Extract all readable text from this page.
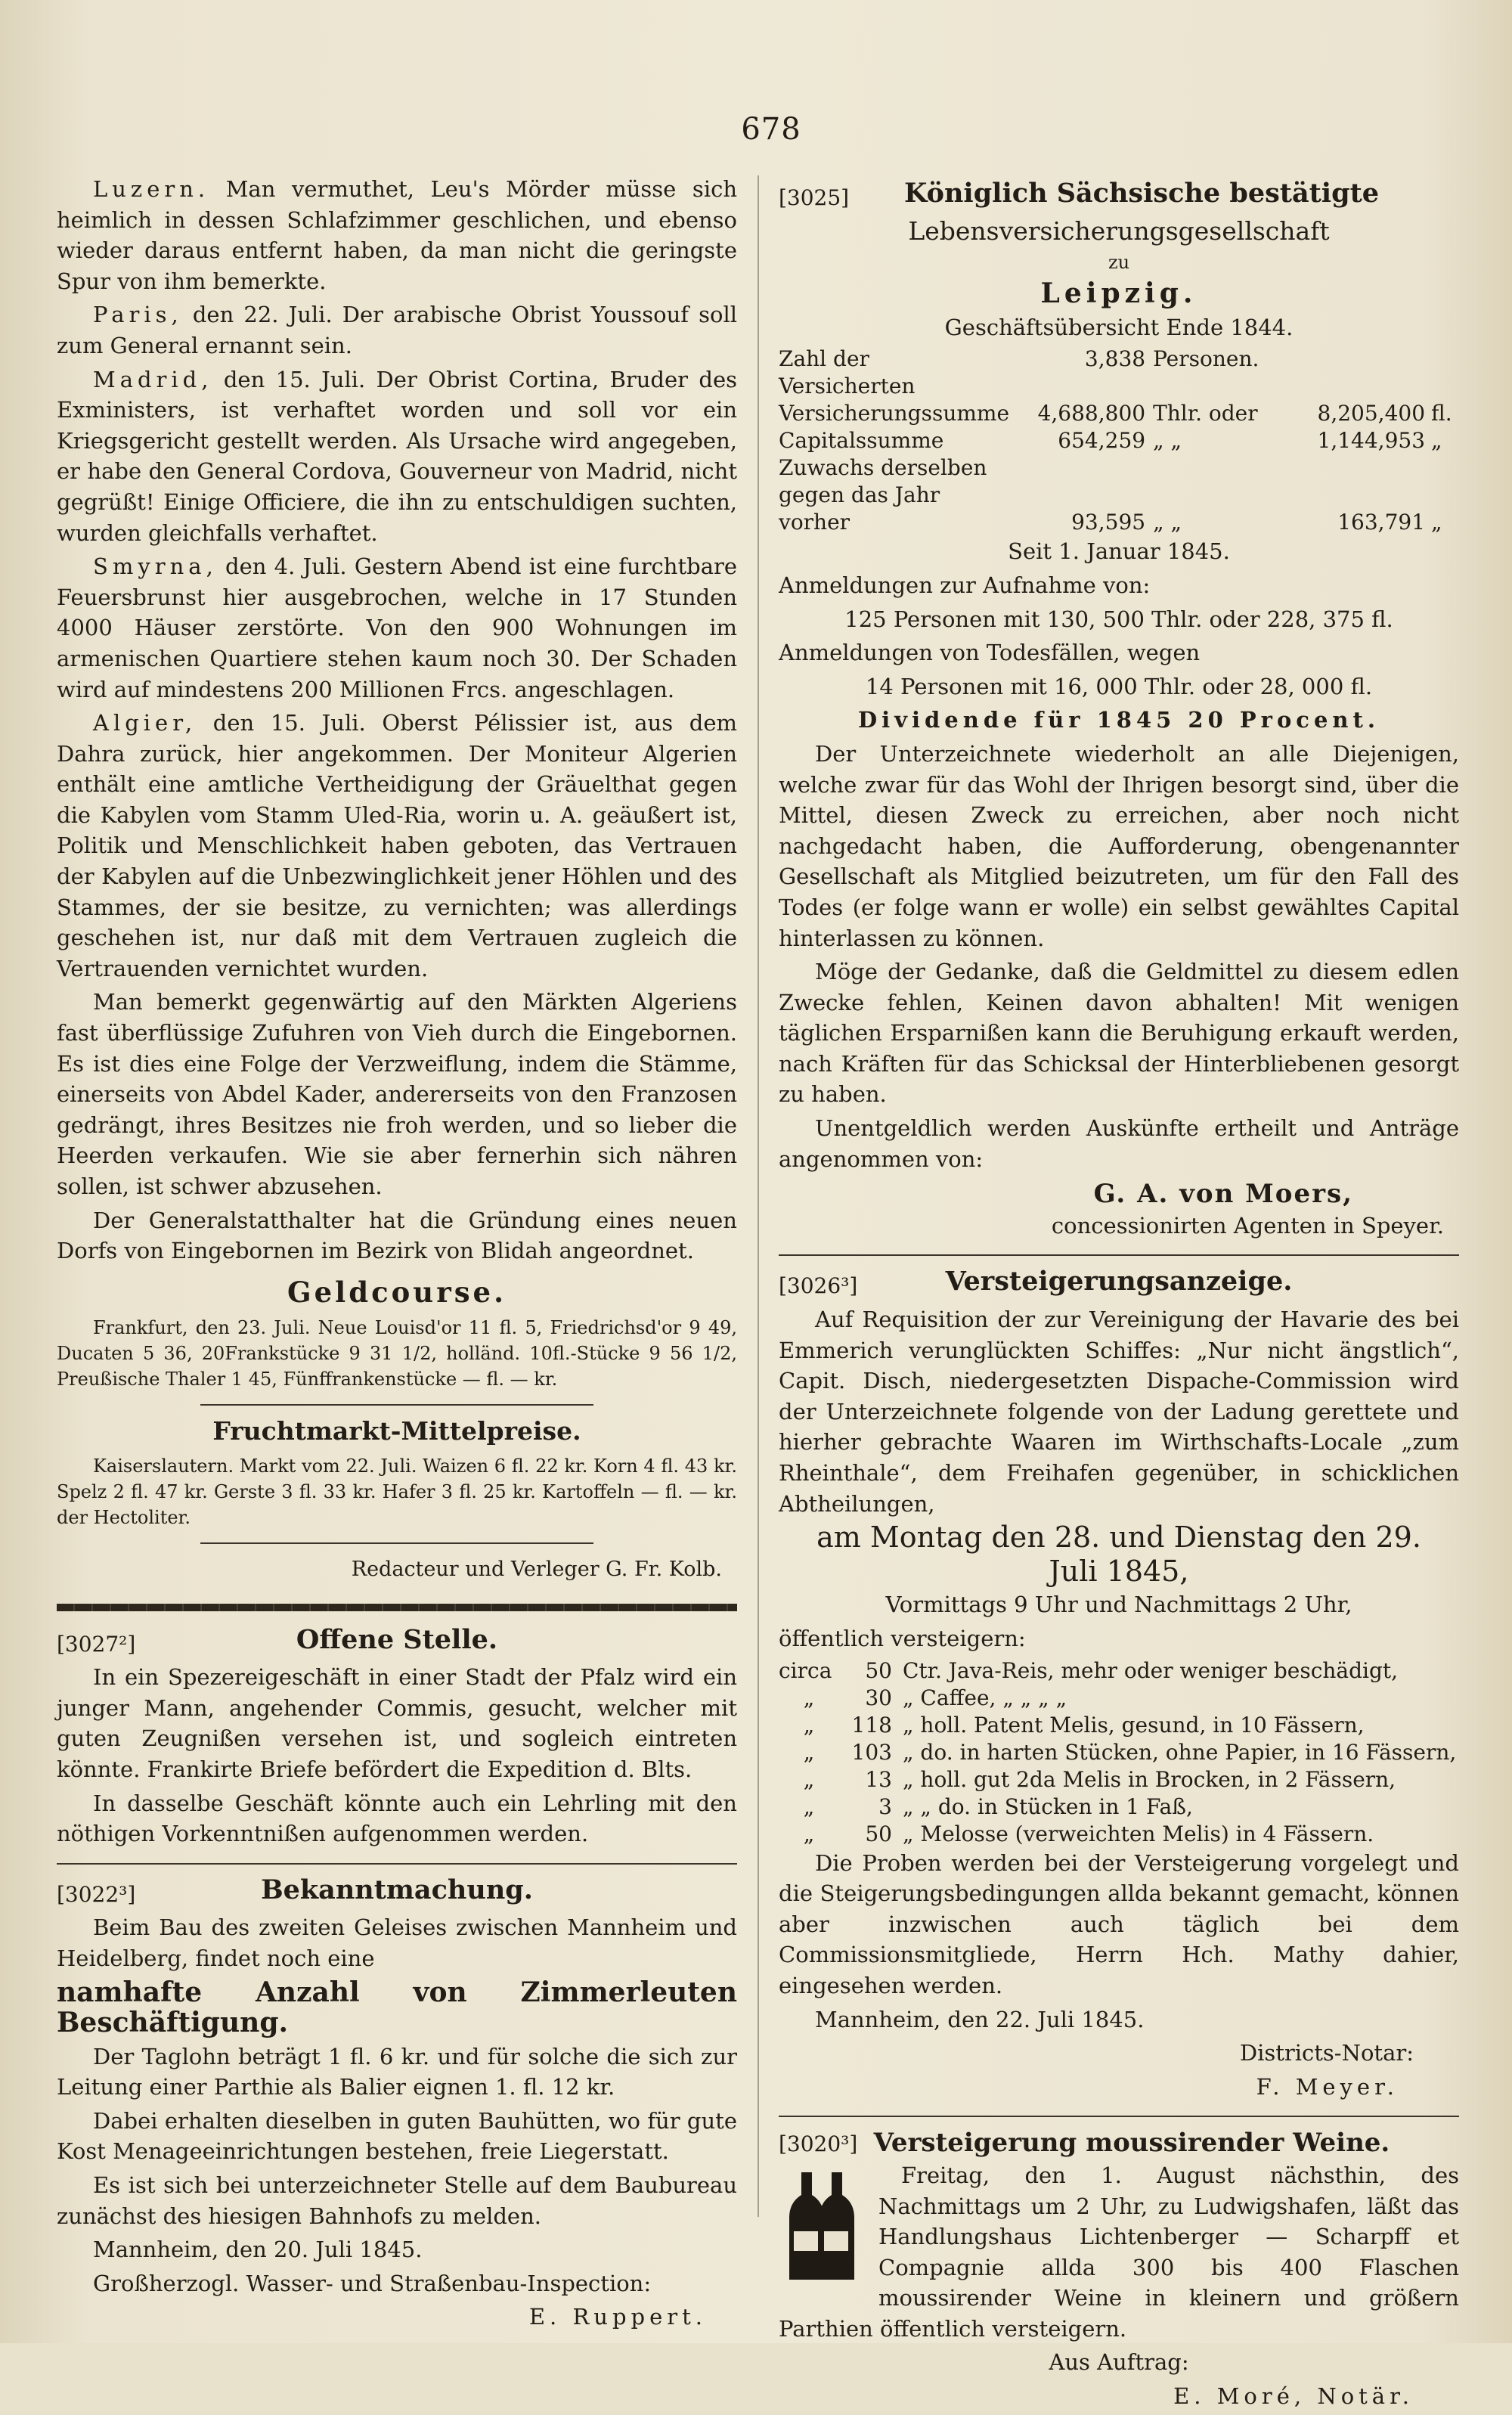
678

Luzern. Man vermuthet, Leu's Mörder müsse sich heimlich in dessen Schlafzimmer geschlichen, und ebenso wieder daraus entfernt haben, da man nicht die geringste Spur von ihm bemerkte.

Paris, den 22. Juli. Der arabische Obrist Youssouf soll zum General ernannt sein.

Madrid, den 15. Juli. Der Obrist Cortina, Bruder des Exministers, ist verhaftet worden und soll vor ein Kriegsgericht gestellt werden. Als Ursache wird angegeben, er habe den General Cordova, Gouverneur von Madrid, nicht gegrüßt! Einige Officiere, die ihn zu entschuldigen suchten, wurden gleichfalls verhaftet.

Smyrna, den 4. Juli. Gestern Abend ist eine furchtbare Feuersbrunst hier ausgebrochen, welche in 17 Stunden 4000 Häuser zerstörte. Von den 900 Wohnungen im armenischen Quartiere stehen kaum noch 30. Der Schaden wird auf mindestens 200 Millionen Frcs. angeschlagen.

Algier, den 15. Juli. Oberst Pélissier ist, aus dem Dahra zurück, hier angekommen. Der Moniteur Algerien enthält eine amtliche Vertheidigung der Gräuelthat gegen die Kabylen vom Stamm Uled-Ria, worin u. A. geäußert ist, Politik und Menschlichkeit haben geboten, das Vertrauen der Kabylen auf die Unbezwinglichkeit jener Höhlen und des Stammes, der sie besitze, zu vernichten; was allerdings geschehen ist, nur daß mit dem Vertrauen zugleich die Vertrauenden vernichtet wurden.

Man bemerkt gegenwärtig auf den Märkten Algeriens fast überflüssige Zufuhren von Vieh durch die Eingebornen. Es ist dies eine Folge der Verzweiflung, indem die Stämme, einerseits von Abdel Kader, andererseits von den Franzosen gedrängt, ihres Besitzes nie froh werden, und so lieber die Heerden verkaufen. Wie sie aber fernerhin sich nähren sollen, ist schwer abzusehen.

Der Generalstatthalter hat die Gründung eines neuen Dorfs von Eingebornen im Bezirk von Blidah angeordnet.

Geldcourse.

Frankfurt, den 23. Juli. Neue Louisd'or 11 fl. 5, Friedrichsd'or 9 49, Ducaten 5 36, 20Frankstücke 9 31 1/2, holländ. 10fl.-Stücke 9 56 1/2, Preußische Thaler 1 45, Fünffrankenstücke — fl. — kr.

Fruchtmarkt-Mittelpreise.

Kaiserslautern. Markt vom 22. Juli. Waizen 6 fl. 22 kr. Korn 4 fl. 43 kr. Spelz 2 fl. 47 kr. Gerste 3 fl. 33 kr. Hafer 3 fl. 25 kr. Kartoffeln — fl. — kr. der Hectoliter.

Redacteur und Verleger G. Fr. Kolb.
[3027²]	Offene Stelle.

In ein Spezereigeschäft in einer Stadt der Pfalz wird ein junger Mann, angehender Commis, gesucht, welcher mit guten Zeugnißen versehen ist, und sogleich eintreten könnte. Frankirte Briefe befördert die Expedition d. Blts.

In dasselbe Geschäft könnte auch ein Lehrling mit den nöthigen Vorkenntnißen aufgenommen werden.

[3022³]	Bekanntmachung.

Beim Bau des zweiten Geleises zwischen Mannheim und Heidelberg, findet noch eine

namhafte Anzahl von Zimmerleuten Beschäftigung.

Der Taglohn beträgt 1 fl. 6 kr. und für solche die sich zur Leitung einer Parthie als Balier eignen 1. fl. 12 kr.

Dabei erhalten dieselben in guten Bauhütten, wo für gute Kost Menageeinrichtungen bestehen, freie Liegerstatt.

Es ist sich bei unterzeichneter Stelle auf dem Baubureau zunächst des hiesigen Bahnhofs zu melden.

Mannheim, den 20. Juli 1845.

Großherzogl. Wasser- und Straßenbau-Inspection:

E. Ruppert.

[3025] Königlich Sächsische bestätigte

Lebensversicherungsgesellschaft

zu

Leipzig.

Geschäftsübersicht Ende 1844.

Zahl der Versicherten	3,838	Personen.		
Versicherungssumme	4,688,800	Thlr. oder	8,205,400	fl.
Capitalssumme	654,259	„ „	1,144,953	„
Zuwachs derselben gegen das Jahr vorher	93,595	„ „	163,791	„

Seit 1. Januar 1845.

Anmeldungen zur Aufnahme von:

125 Personen mit 130, 500 Thlr. oder 228, 375 fl.

Anmeldungen von Todesfällen, wegen

14 Personen mit 16, 000 Thlr. oder 28, 000 fl.

Dividende für 1845 20 Procent.

Der Unterzeichnete wiederholt an alle Diejenigen, welche zwar für das Wohl der Ihrigen besorgt sind, über die Mittel, diesen Zweck zu erreichen, aber noch nicht nachgedacht haben, die Aufforderung, obengenannter Gesellschaft als Mitglied beizutreten, um für den Fall des Todes (er folge wann er wolle) ein selbst gewähltes Capital hinterlassen zu können.

Möge der Gedanke, daß die Geldmittel zu diesem edlen Zwecke fehlen, Keinen davon abhalten! Mit wenigen täglichen Ersparnißen kann die Beruhigung erkauft werden, nach Kräften für das Schicksal der Hinterbliebenen gesorgt zu haben.

Unentgeldlich werden Auskünfte ertheilt und Anträge angenommen von:

G. A. von Moers,

concessionirten Agenten in Speyer.

[3026³]	Versteigerungsanzeige.

Auf Requisition der zur Vereinigung der Havarie des bei Emmerich verunglückten Schiffes: „Nur nicht ängstlich“, Capit. Disch, niedergesetzten Dispache-Commission wird der Unterzeichnete folgende von der Ladung gerettete und hierher gebrachte Waaren im Wirthschafts-Locale „zum Rheinthale“, dem Freihafen gegenüber, in schicklichen Abtheilungen,

am Montag den 28. und Dienstag den 29.

Juli 1845,

Vormittags 9 Uhr und Nachmittags 2 Uhr,

öffentlich versteigern:

circa	50	Ctr. Java-Reis, mehr oder weniger beschädigt,
„	30	„ Caffee, „ „ „ „
„	118	„ holl. Patent Melis, gesund, in 10 Fässern,
„	103	„ do. in harten Stücken, ohne Papier, in 16 Fässern,
„	13	„ holl. gut 2da Melis in Brocken, in 2 Fässern,
„	3	„ „ do. in Stücken in 1 Faß,
„	50	„ Melosse (verweichten Melis) in 4 Fässern.

Die Proben werden bei der Versteigerung vorgelegt und die Steigerungsbedingungen allda bekannt gemacht, können aber inzwischen auch täglich bei dem Commissionsmitgliede, Herrn Hch. Mathy dahier, eingesehen werden.

Mannheim, den 22. Juli 1845.

Districts-Notar:

F. Meyer.

[3020³] Versteigerung moussirender Weine.

Freitag, den 1. August nächsthin, des Nachmittags um 2 Uhr, zu Ludwigshafen, läßt das Handlungshaus Lichtenberger — Scharpff et Compagnie allda 300 bis 400 Flaschen moussirender Weine in kleinern und größern Parthien öffentlich versteigern.

Aus Auftrag:

E. Moré, Notär.
